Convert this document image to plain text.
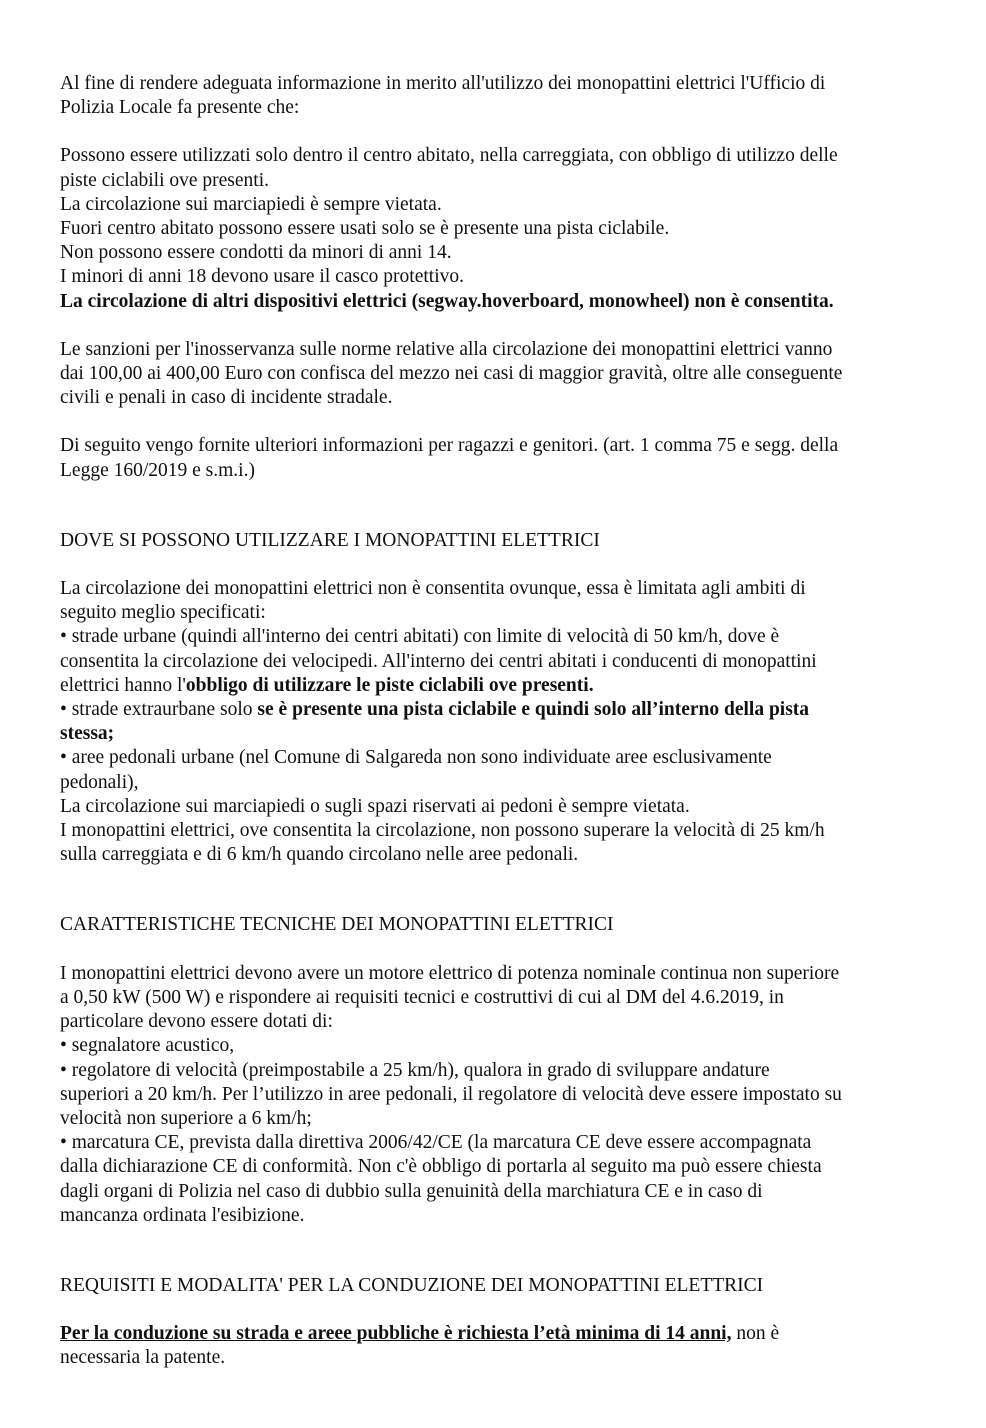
Al fine di rendere adeguata informazione in merito all'utilizzo dei monopattini elettrici l'Ufficio di
Polizia Locale fa presente che:
Possono essere utilizzati solo dentro il centro abitato, nella carreggiata, con obbligo di utilizzo delle
piste ciclabili ove presenti.
La circolazione sui marciapiedi è sempre vietata.
Fuori centro abitato possono essere usati solo se è presente una pista ciclabile.
Non possono essere condotti da minori di anni 14.
I minori di anni 18 devono usare il casco protettivo.
La circolazione di altri dispositivi elettrici (segway.hoverboard, monowheel) non è consentita.
Le sanzioni per l'inosservanza sulle norme relative alla circolazione dei monopattini elettrici vanno
dai 100,00 ai 400,00 Euro con confisca del mezzo nei casi di maggior gravità, oltre alle conseguente
civili e penali in caso di incidente stradale.
Di seguito vengo fornite ulteriori informazioni per ragazzi e genitori. (art. 1 comma 75 e segg. della
Legge 160/2019 e s.m.i.)
DOVE SI POSSONO UTILIZZARE I MONOPATTINI ELETTRICI
La circolazione dei monopattini elettrici non è consentita ovunque, essa è limitata agli ambiti di
seguito meglio specificati:
• strade urbane (quindi all'interno dei centri abitati) con limite di velocità di 50 km/h, dove è
consentita la circolazione dei velocipedi. All'interno dei centri abitati i conducenti di monopattini
elettrici hanno l'obbligo di utilizzare le piste ciclabili ove presenti.
• strade extraurbane solo se è presente una pista ciclabile e quindi solo all’interno della pista
stessa;
• aree pedonali urbane (nel Comune di Salgareda non sono individuate aree esclusivamente
pedonali),
La circolazione sui marciapiedi o sugli spazi riservati ai pedoni è sempre vietata.
I monopattini elettrici, ove consentita la circolazione, non possono superare la velocità di 25 km/h
sulla carreggiata e di 6 km/h quando circolano nelle aree pedonali.
CARATTERISTICHE TECNICHE DEI MONOPATTINI ELETTRICI
I monopattini elettrici devono avere un motore elettrico di potenza nominale continua non superiore
a 0,50 kW (500 W) e rispondere ai requisiti tecnici e costruttivi di cui al DM del 4.6.2019, in
particolare devono essere dotati di:
• segnalatore acustico,
• regolatore di velocità (preimpostabile a 25 km/h), qualora in grado di sviluppare andature
superiori a 20 km/h. Per l’utilizzo in aree pedonali, il regolatore di velocità deve essere impostato su
velocità non superiore a 6 km/h;
• marcatura CE, prevista dalla direttiva 2006/42/CE (la marcatura CE deve essere accompagnata
dalla dichiarazione CE di conformità. Non c'è obbligo di portarla al seguito ma può essere chiesta
dagli organi di Polizia nel caso di dubbio sulla genuinità della marchiatura CE e in caso di
mancanza ordinata l'esibizione.
REQUISITI E MODALITA' PER LA CONDUZIONE DEI MONOPATTINI ELETTRICI
Per la conduzione su strada e areee pubbliche è richiesta l’età minima di 14 anni, non è
necessaria la patente.
